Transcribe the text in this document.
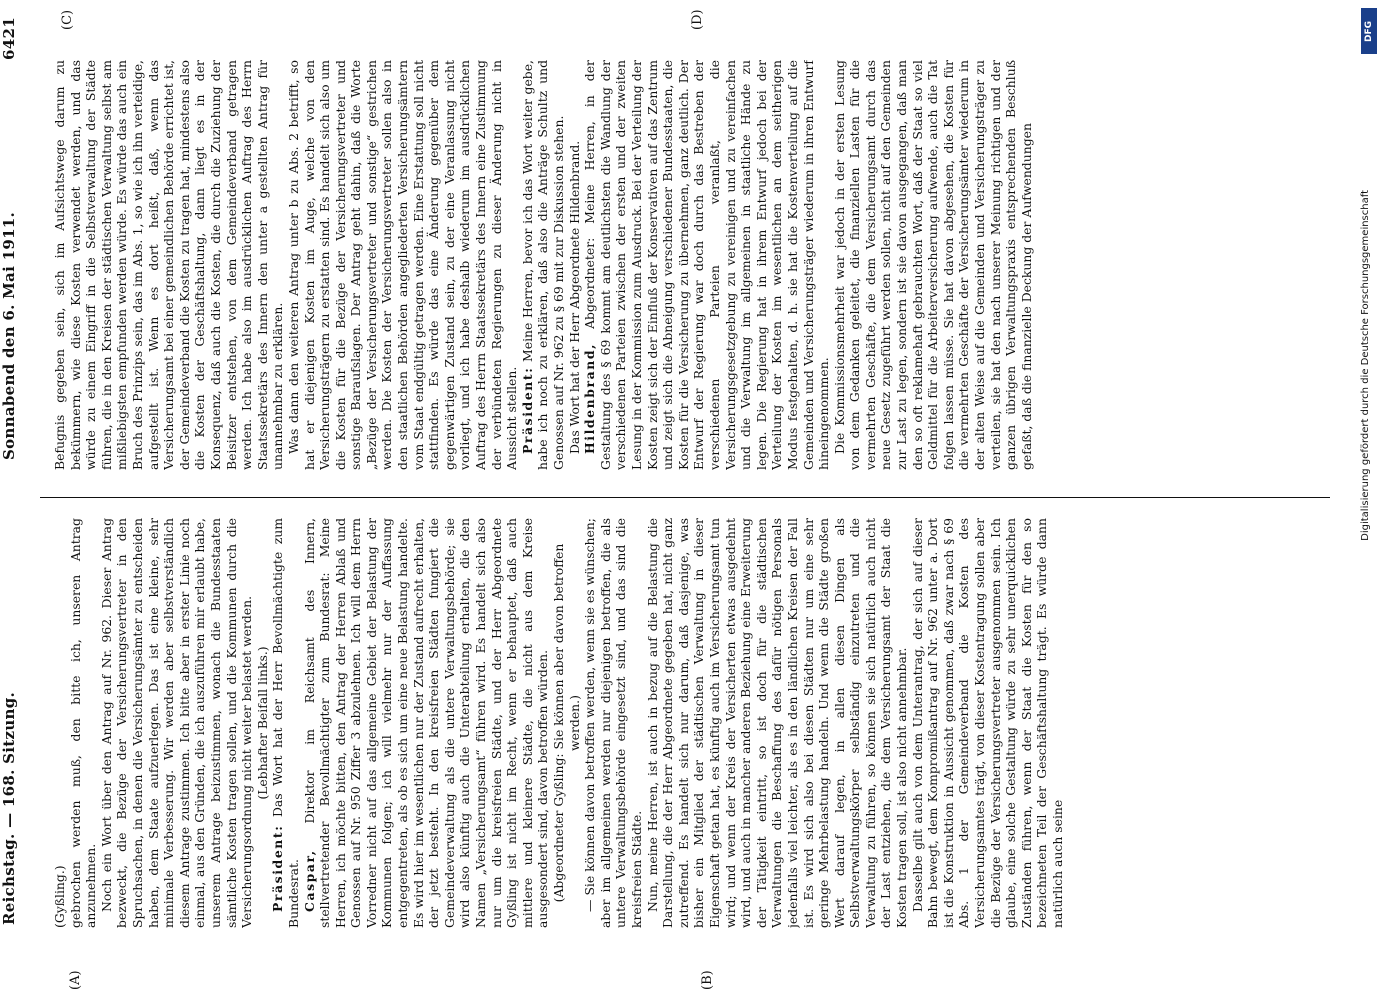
Reichstag. — 168. Sitzung.
Sonnabend den 6. Mai 1911.
6421
(A)	(B)
(C)	(D)

(Gyßling.) gebrochen werden muß, den bitte ich, unseren Antrag anzunehmen. Noch ein Wort über den Antrag auf Nr. 962. Dieser Antrag bezweckt, die Bezüge der Versicherungsvertreter in den Spruchsachen, in denen die Versicherungsämter zu entscheiden haben, dem Staate aufzuerlegen. Das ist eine kleine, sehr minimale Verbesserung. Wir werden aber selbstverständlich diesem Antrage zustimmen. Ich bitte aber in erster Linie noch einmal, aus den Gründen, die ich auszuführen mir erlaubt habe, unserem Antrage beizustimmen, wonach die Bundesstaaten sämtliche Kosten tragen sollen, und die Kommunen durch die Versicherungsordnung nicht weiter belastet werden. (Lebhafter Beifall links.)

Präsident: Das Wort hat der Herr Bevollmächtigte zum Bundesrat. Caspar, Direktor im Reichsamt des Innern, stellvertretender Bevollmächtigter zum Bundesrat: Meine Herren, ich möchte bitten, den Antrag der Herren Ablaß und Genossen auf Nr. 950 Ziffer 3 abzulehnen. Ich will dem Herrn Vorredner nicht auf das allgemeine Gebiet der Belastung der Kommunen folgen; ich will vielmehr nur der Auffassung entgegentreten, als ob es sich um eine neue Belastung handelte. Es wird hier im wesentlichen nur der Zustand aufrecht erhalten, der jetzt besteht. In den kreisfreien Städten fungiert die Gemeindeverwaltung als die untere Verwaltungsbehörde; sie wird also künftig auch die Unterabteilung erhalten, die den Namen „Versicherungsamt“ führen wird. Es handelt sich also nur um die kreisfreien Städte, und der Herr Abgeordnete Gyßling ist nicht im Recht, wenn er behauptet, daß auch mittlere und kleinere Städte, die nicht aus dem Kreise ausgesondert sind, davon betroffen würden. (Abgeordneter Gyßling: Sie können aber davon betroffen werden.) — Sie können davon betroffen werden, wenn sie es wünschen; aber im allgemeinen werden nur diejenigen betroffen, die als untere Verwaltungsbehörde eingesetzt sind, und das sind die kreisfreien Städte. Nun, meine Herren, ist auch in bezug auf die Belastung die Darstellung, die der Herr Abgeordnete gegeben hat, nicht ganz zutreffend. Es handelt sich nur darum, daß dasjenige, was bisher ein Mitglied der städtischen Verwaltung in dieser Eigenschaft getan hat, es künftig auch im Versicherungsamt tun wird; und wenn der Kreis der Versicherten etwas ausgedehnt wird, und auch in mancher anderen Beziehung eine Erweiterung der Tätigkeit eintritt, so ist doch für die städtischen Verwaltungen die Beschaffung des dafür nötigen Personals jedenfalls viel leichter, als es in den ländlichen Kreisen der Fall ist. Es wird sich also bei diesen Städten nur um eine sehr geringe Mehrbelastung handeln. Und wenn die Städte großen Wert darauf legen, in allen diesen Dingen als Selbstverwaltungskörper selbständig einzutreten und die Verwaltung zu führen, so können sie sich natürlich auch nicht der Last entziehen, die dem Versicherungsamt der Staat die Kosten tragen soll, ist also nicht annehmbar. Dasselbe gilt auch von dem Unterantrag, der sich auf dieser Bahn bewegt, dem Kompromißantrag auf Nr. 962 unter a. Dort ist die Konstruktion in Aussicht genommen, daß zwar nach § 69 Abs. 1 der Gemeindeverband die Kosten des Versicherungsamtes trägt, von dieser Kostentragung sollen aber die Bezüge der Versicherungsvertreter ausgenommen sein. Ich glaube, eine solche Gestaltung würde zu sehr unerquicklichen Zuständen führen, wenn der Staat die Kosten für den so bezeichneten Teil der Geschäftshaltung trägt. Es würde dann natürlich auch seine

Befugnis gegeben sein, sich im Aufsichtswege darum zu bekümmern, wie diese Kosten verwendet werden, und das würde zu einem Eingriff in die Selbstverwaltung der Städte führen, die in den Kreisen der städtischen Verwaltung selbst am mißliebigsten empfunden werden würde. Es würde das auch ein Bruch des Prinzips sein, das im Abs. 1, so wie ich ihn verteidige, aufgestellt ist. Wenn es dort heißt, daß, wenn das Versicherungsamt bei einer gemeindlichen Behörde errichtet ist, der Gemeindeverband die Kosten zu tragen hat, mindestens also die Kosten der Geschäftshaltung, dann liegt es in der Konsequenz, daß auch die Kosten, die durch die Zuziehung der Beisitzer entstehen, von dem Gemeindeverband getragen werden. Ich habe also im ausdrücklichen Auftrag des Herrn Staatssekretärs des Innern den unter a gestellten Antrag für unannehmbar zu erklären. Was dann den weiteren Antrag unter b zu Abs. 2 betrifft, so hat er diejenigen Kosten im Auge, welche von den Versicherungsträgern zu erstatten sind. Es handelt sich also um die Kosten für die Bezüge der Versicherungsvertreter und sonstige Baraufslagen. Der Antrag geht dahin, daß die Worte „Bezüge der Versicherungsvertreter und sonstige“ gestrichen werden. Die Kosten der Versicherungsvertreter sollen also in den staatlichen Behörden angegliederten Versicherungsämtern vom Staat endgültig getragen werden. Eine Erstattung soll nicht stattfinden. Es würde das eine Änderung gegenüber dem gegenwärtigen Zustand sein, zu der eine Veranlassung nicht vorliegt, und ich habe deshalb wiederum im ausdrücklichen Auftrag des Herrn Staatssekretärs des Innern eine Zustimmung der verbündeten Regierungen zu dieser Änderung nicht in Aussicht stellen. Präsident: Meine Herren, bevor ich das Wort weiter gebe, habe ich noch zu erklären, daß also die Anträge Schultz und Genossen auf Nr. 962 zu § 69 mit zur Diskussion stehen. Das Wort hat der Herr Abgeordnete Hildenbrand. Hildenbrand, Abgeordneter: Meine Herren, in der Gestaltung des § 69 kommt am deutlichsten die Wandlung der verschiedenen Parteien zwischen der ersten und der zweiten Lesung in der Kommission zum Ausdruck. Bei der Verteilung der Kosten zeigt sich der Einfluß der Konservativen auf das Zentrum und zeigt sich die Abneigung verschiedener Bundesstaaten, die Kosten für die Versicherung zu übernehmen, ganz deutlich. Der Entwurf der Regierung war doch durch das Bestreben der verschiedenen Parteien veranlaßt, die Versicherungsgesetzgebung zu vereinigen und zu vereinfachen und die Verwaltung im allgemeinen in staatliche Hände zu legen. Die Regierung hat in ihrem Entwurf jedoch bei der Verteilung der Kosten im wesentlichen an dem seitherigen Modus festgehalten, d. h. sie hat die Kostenverteilung auf die Gemeinden und Versicherungsträger wiederum in ihren Entwurf hineingenommen. Die Kommissionsmehrheit war jedoch in der ersten Lesung von dem Gedanken geleitet, die finanziellen Lasten für die vermehrten Geschäfte, die dem Versicherungsamt durch das neue Gesetz zugeführt werden sollen, nicht auf den Gemeinden zur Last zu legen, sondern ist sie davon ausgegangen, daß man den so oft reklamehaft gebrauchten Wort, daß der Staat so viel Geldmittel für die Arbeiterversicherung aufwende, auch die Tat folgen lassen müsse. Sie hat davon abgesehen, die Kosten für die vermehrten Geschäfte der Versicherungsämter wiederum in der alten Weise auf die Gemeinden und Versicherungsträger zu verteilen, sie hat den nach unserer Meinung richtigen und der ganzen übrigen Verwaltungspraxis entsprechenden Beschluß gefaßt, daß die finanzielle Deckung der Aufwendungen	Digitalisierung gefördert durch die Deutsche Forschungsgemeinschaft
DFG
